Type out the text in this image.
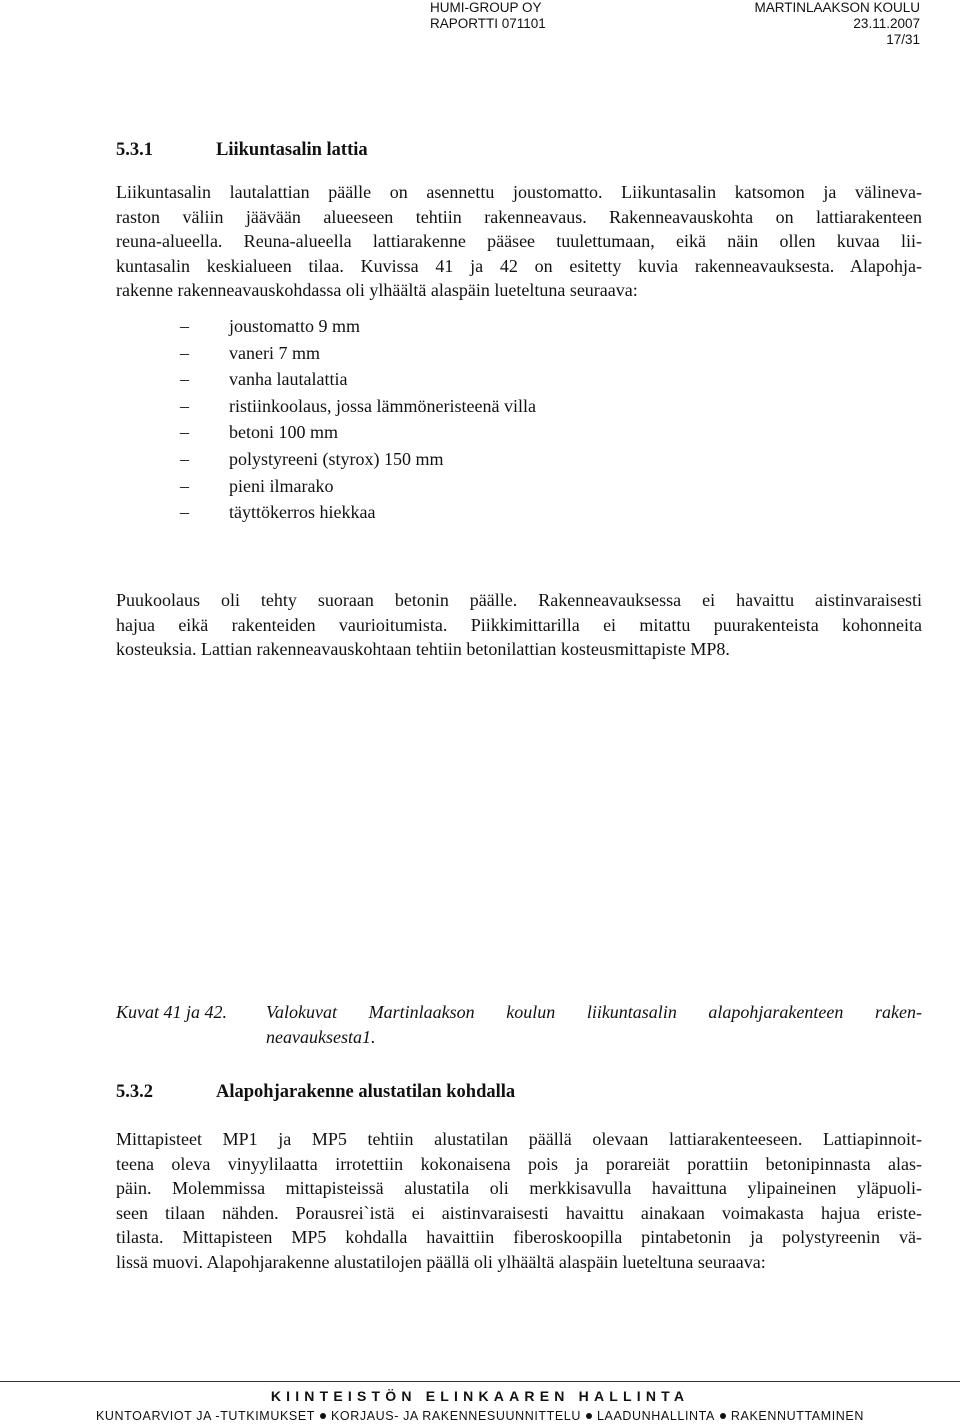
HUMI-GROUP OY
RAPORTTI 071101
MARTINLAAKSON KOULU
23.11.2007
17/31
5.3.1	Liikuntasalin lattia
Liikuntasalin lautalattian päälle on asennettu joustomatto. Liikuntasalin katsomon ja välineva-
raston väliin jäävään alueeseen tehtiin rakenneavaus. Rakenneavauskohta on lattiarakenteen
reuna-alueella. Reuna-alueella lattiarakenne pääsee tuulettumaan, eikä näin ollen kuvaa lii-
kuntasalin keskialueen tilaa. Kuvissa 41 ja 42 on esitetty kuvia rakenneavauksesta. Alapohja-
rakenne rakenneavauskohdassa oli ylhäältä alaspäin lueteltuna seuraava:
– joustomatto 9 mm
– vaneri 7 mm
– vanha lautalattia
– ristiinkoolaus, jossa lämmöneristeenä villa
– betoni 100 mm
– polystyreeni (styrox) 150 mm
– pieni ilmarako
– täyttökerros hiekkaa
Puukoolaus oli tehty suoraan betonin päälle. Rakenneavauksessa ei havaittu aistinvaraisesti
hajua eikä rakenteiden vaurioitumista. Piikkimittarilla ei mitattu puurakenteista kohonneita
kosteuksia. Lattian rakenneavauskohtaan tehtiin betonilattian kosteusmittapiste MP8.
Kuvat 41 ja 42. Valokuvat Martinlaakson koulun liikuntasalin alapohjarakenteen raken-
neavauksesta1.
5.3.2	Alapohjarakenne alustatilan kohdalla
Mittapisteet MP1 ja MP5 tehtiin alustatilan päällä olevaan lattiarakenteeseen. Lattiapinnoit-
teena oleva vinyylilaatta irrotettiin kokonaisena pois ja porareiät porattiin betonipinnasta alas-
päin. Molemmissa mittapisteissä alustatila oli merkkisavulla havaittuna ylipaineinen yläpuoli-
seen tilaan nähden. Porausrei`istä ei aistinvaraisesti havaittu ainakaan voimakasta hajua eriste-
tilasta. Mittapisteen MP5 kohdalla havaittiin fiberoskoopilla pintabetonin ja polystyreenin vä-
lissä muovi. Alapohjarakenne alustatilojen päällä oli ylhäältä alaspäin lueteltuna seuraava:
KIINTEISTÖN ELINKAAREN HALLINTA
KUNTOARVIOT JA -TUTKIMUKSET KORJAUS- JA RAKENNESUUNNITTELU LAADUNHALLINTA RAKENNUTTAMINEN
